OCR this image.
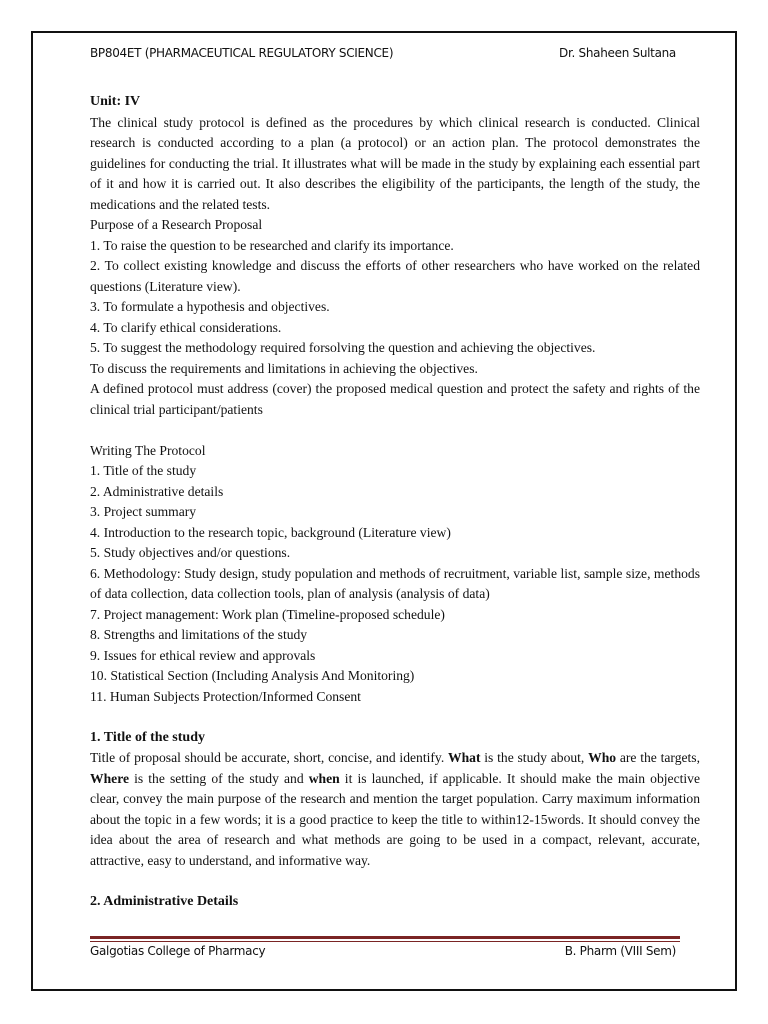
BP804ET (PHARMACEUTICAL REGULATORY SCIENCE)	Dr. Shaheen Sultana

Unit: IV

The clinical study protocol is defined as the procedures by which clinical research is conducted. Clinical research is conducted according to a plan (a protocol) or an action plan. The protocol demonstrates the guidelines for conducting the trial. It illustrates what will be made in the study by explaining each essential part of it and how it is carried out. It also describes the eligibility of the participants, the length of the study, the medications and the related tests.

Purpose of a Research Proposal

1. To raise the question to be researched and clarify its importance.

2. To collect existing knowledge and discuss the efforts of other researchers who have worked on the related questions (Literature view).

3. To formulate a hypothesis and objectives.

4. To clarify ethical considerations.

5. To suggest the methodology required forsolving the question and achieving the objectives.

To discuss the requirements and limitations in achieving the objectives.

A defined protocol must address (cover) the proposed medical question and protect the safety and rights of the clinical trial participant/patients

Writing The Protocol

1. Title of the study

2. Administrative details

3. Project summary

4. Introduction to the research topic, background (Literature view)

5. Study objectives and/or questions.

6. Methodology: Study design, study population and methods of recruitment, variable list, sample size, methods of data collection, data collection tools, plan of analysis (analysis of data)

7. Project management: Work plan (Timeline-proposed schedule)

8. Strengths and limitations of the study

9. Issues for ethical review and approvals

10. Statistical Section (Including Analysis And Monitoring)

11. Human Subjects Protection/Informed Consent

1. Title of the study

Title of proposal should be accurate, short, concise, and identify. What is the study about, Who are the targets, Where is the setting of the study and when it is launched, if applicable. It should make the main objective clear, convey the main purpose of the research and mention the target population. Carry maximum information about the topic in a few words; it is a good practice to keep the title to within12-15words. It should convey the idea about the area of research and what methods are going to be used in a compact, relevant, accurate, attractive, easy to understand, and informative way.

2. Administrative Details

Galgotias College of Pharmacy	B. Pharm (VIII Sem)
